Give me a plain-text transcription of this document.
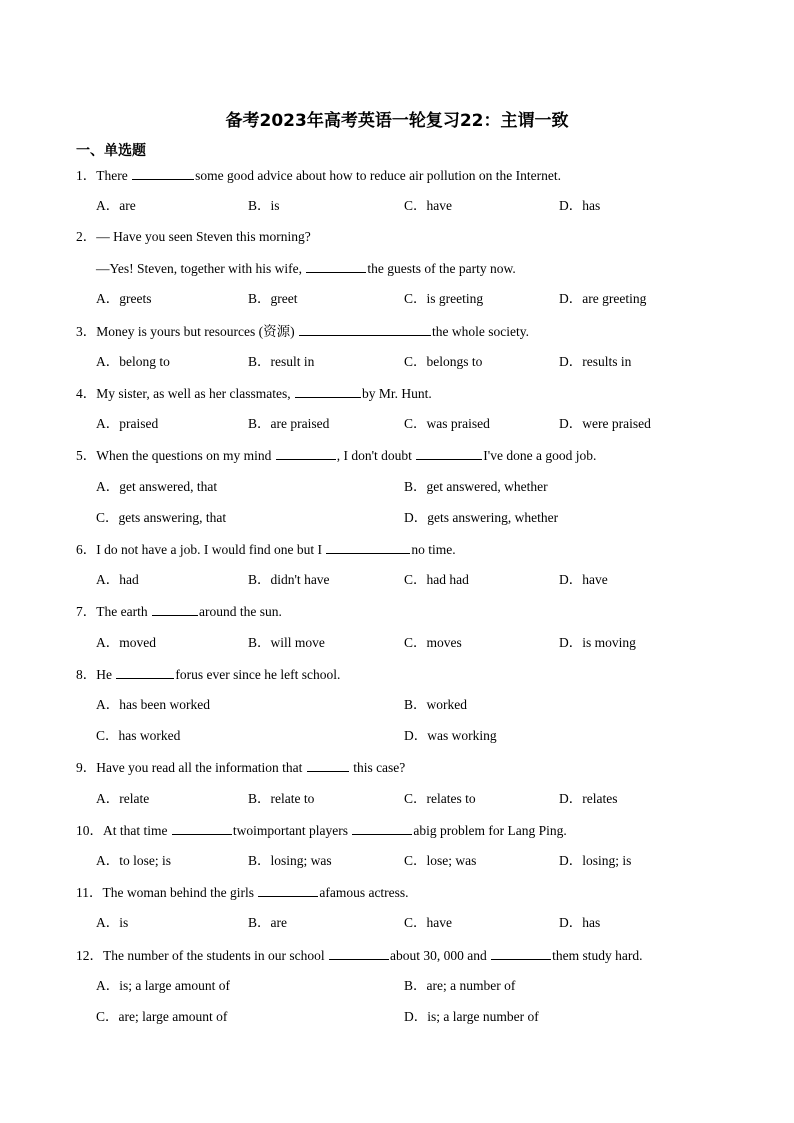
备考2023年高考英语一轮复习22：主谓一致
一、单选题
1．There	some good advice about how to reduce air pollution on the Internet.
A．are	B．is	C．have	D．has
2．— Have you seen Steven this morning?
—Yes! Steven, together with his wife,	the guests of the party now.
A．greets	B．greet	C．is greeting	D．are greeting
3．Money is yours but resources (资源)	the whole society.
A．belong to	B．result in	C．belongs to	D．results in
4．My sister, as well as her classmates,	by Mr. Hunt.
A．praised	B．are praised	C．was praised	D．were praised
5．When the questions on my mind	, I don't doubt	I've done a good job.
A．get answered, that	B．get answered, whether
C．gets answering, that	D．gets answering, whether
6．I do not have a job. I would find one but I	no time.
A．had	B．didn't have	C．had had	D．have
7．The earth	around the sun.
A．moved	B．will move	C．moves	D．is moving
8．He	forus ever since he left school.
A．has been worked	B．worked
C．has worked	D．was working
9．Have you read all the information that	this case?
A．relate	B．relate to	C．relates to	D．relates
10．At that time	twoimportant players	abig problem for Lang Ping.
A．to lose; is	B．losing; was	C．lose; was	D．losing; is
11．The woman behind the girls	afamous actress.
A．is	B．are	C．have	D．has
12．The number of the students in our school	about 30, 000 and	them study hard.
A．is; a large amount of	B．are; a number of
C．are; large amount of	D．is; a large number of
